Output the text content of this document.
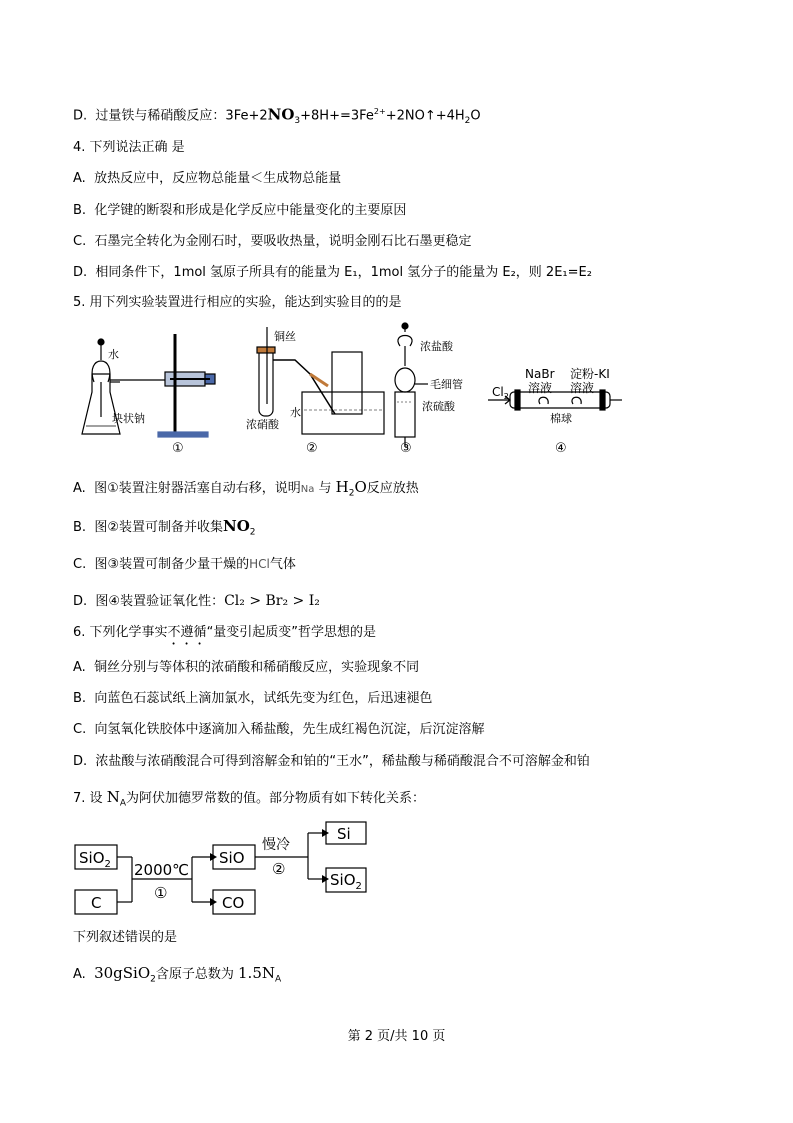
D. 过量铁与稀硝酸反应：$3Fe+2NO_3+8H+=3Fe^{2+}+2NO↑+4H_2O$
4. 下列说法正确 是
A. 放热反应中，反应物总能量＜生成物总能量
B. 化学键的断裂和形成是化学反应中能量变化的主要原因
C. 石墨完全转化为金刚石时，要吸收热量，说明金刚石比石墨更稳定
D. 相同条件下，1mol 氢原子所具有的能量为 E₁，1mol 氢分子的能量为 E₂，则 2E₁=E₂
5. 用下列实验装置进行相应的实验，能达到实验目的的是
水
块状钠
铜丝
浓硝酸
水
浓盐酸
毛细管
浓硫酸
NaBr
溶液
淀粉-KI
溶液
$Cl_2$
棉球
①	②	③	④
A. 图①装置注射器活塞自动右移，说明Na 与 $H_2O$反应放热
B. 图②装置可制备并收集$NO_2$
C. 图③装置可制备少量干燥的HCl气体
D. 图④装置验证氧化性：Cl₂ > Br₂ > I₂
6. 下列化学事实不遵循“量变引起质变”哲学思想的是
A. 铜丝分别与等体积的浓硝酸和稀硝酸反应，实验现象不同
B. 向蓝色石蕊试纸上滴加氯水，试纸先变为红色，后迅速褪色
C. 向氢氧化铁胶体中逐滴加入稀盐酸，先生成红褐色沉淀，后沉淀溶解
D. 浓盐酸与浓硝酸混合可得到溶解金和铂的“王水”，稀盐酸与稀硝酸混合不可溶解金和铂
7. 设 $N_A$为阿伏加德罗常数的值。部分物质有如下转化关系：
SiO$_2$
C
2000℃
①
SiO
CO
慢冷
②
Si
SiO$_2$
下列叙述错误的是
A. 30gSiO$_2$含原子总数为 $1.5N_A$
第 2 页/共 10 页
